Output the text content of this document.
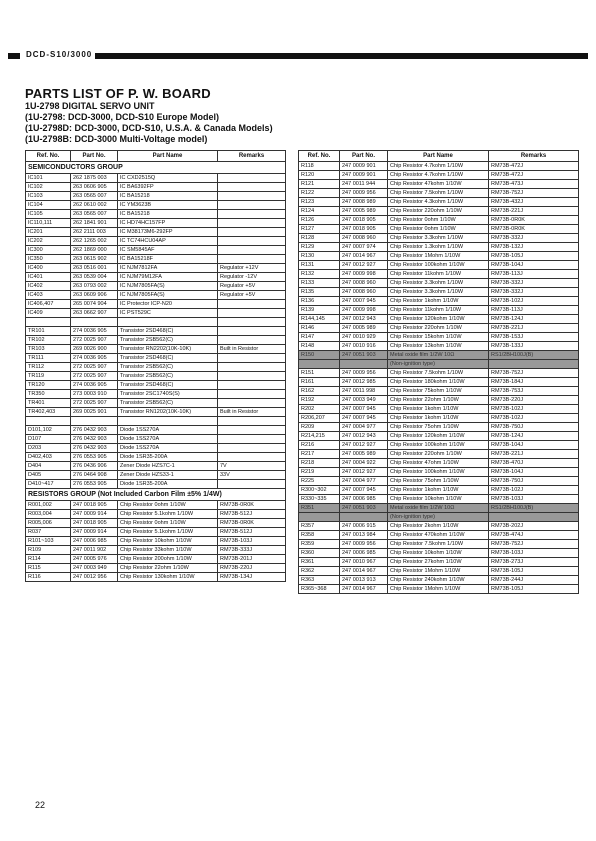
DCD-S10/3000
PARTS LIST OF P. W. BOARD
1U-2798 DIGITAL SERVO UNIT
(1U-2798: DCD-3000, DCD-S10 Europe Model)
(1U-2798D: DCD-3000, DCD-S10, U.S.A. & Canada Models)
(1U-2798B: DCD-3000 Multi-Voltage model)
Ref. No.	Part No.	Part Name	Remarks
SEMICONDUCTORS GROUP			
IC101	262 1875 003	IC CXD2515Q	
IC102	263 0606 905	IC BA6392FP	
IC103	263 0565 007	IC BA15218	
IC104	262 0610 002	IC YM3623B	
IC105	263 0565 007	IC BA15218	
IC110,111	262 1841 901	IC HD74HC157FP	
IC201	262 2111 003	IC M38173M6-292FP	
IC202	262 1265 002	IC TC74HCU04AP	
IC300	262 1869 000	IC SM5845AF	
IC350	263 0615 902	IC BA15218F	
IC400	263 0516 001	IC NJM7812FA	Regulator +12V
IC401	263 0539 004	IC NJM79M12FA	Regulator -12V
IC402	263 0793 002	IC NJM7805FA(S)	Regulator +5V
IC403	263 0609 906	IC NJM7805FA(S)	Regulator +5V
IC406,407	265 0074 904	IC Protector ICP-N20	
IC409	263 0662 907	IC PST529C	

TR101	274 0036 905	Transistor 2SD468(C)	
TR102	272 0025 907	Transistor 2SB562(C)	
TR103	269 0026 900	Transistor RN2202(10K-10K)	Built in Resistor
TR111	274 0036 905	Transistor 2SD468(C)	
TR112	272 0025 907	Transistor 2SB562(C)	
TR119	272 0025 907	Transistor 2SB562(C)	
TR120	274 0036 905	Transistor 2SD468(C)	
TR350	273 0003 910	Transistor 2SC1740S(S)	
TR401	272 0025 907	Transistor 2SB562(C)	
TR402,403	269 0025 901	Transistor RN1202(10K-10K)	Built in Resistor

D101,102	276 0432 903	Diode 1SS270A	
D107	276 0432 903	Diode 1SS270A	
D203	276 0432 903	Diode 1SS270A	
D402,403	276 0553 905	Diode 1SR35-200A	
D404	276 0436 906	Zener Diode HZS7C-1	7V
D405	276 0464 908	Zener Diode HZS33-1	33V
D410~417	276 0553 905	Diode 1SR35-200A	
RESISTORS GROUP (Not Included Carbon Film ±5% 1/4W)			
R001,002	247 0018 905	Chip Resistor 0ohm 1/10W	RM73B-0R0K
R003,004	247 0009 914	Chip Resistor 5.1kohm 1/10W	RM73B-512J
R005,006	247 0018 905	Chip Resistor 0ohm 1/10W	RM73B-0R0K
R037	247 0009 914	Chip Resistor 5.1kohm 1/10W	RM73B-512J
R101~103	247 0006 985	Chip Resistor 10kohm 1/10W	RM73B-103J
R109	247 0011 902	Chip Resistor 33kohm 1/10W	RM73B-333J
R114	247 0005 976	Chip Resistor 200ohm 1/10W	RM73B-201J
R115	247 0003 949	Chip Resistor 22ohm 1/10W	RM73B-220J
R116	247 0012 956	Chip Resistor 130kohm 1/10W	RM73B-134J
Ref. No.	Part No.	Part Name	Remarks
R118	247 0009 901	Chip Resistor 4.7kohm 1/10W	RM73B-472J
R120	247 0009 901	Chip Resistor 4.7kohm 1/10W	RM73B-472J
R121	247 0011 944	Chip Resistor 47kohm 1/10W	RM73B-473J
R122	247 0009 956	Chip Resistor 7.5kohm 1/10W	RM73B-752J
R123	247 0008 989	Chip Resistor 4.3kohm 1/10W	RM73B-432J
R124	247 0005 989	Chip Resistor 220ohm 1/10W	RM73B-221J
R126	247 0018 905	Chip Resistor 0ohm 1/10W	RM73B-0R0K
R127	247 0018 905	Chip Resistor 0ohm 1/10W	RM73B-0R0K
R128	247 0008 960	Chip Resistor 3.3kohm 1/10W	RM73B-332J
R129	247 0007 974	Chip Resistor 1.3kohm 1/10W	RM73B-132J
R130	247 0014 967	Chip Resistor 1Mohm 1/10W	RM73B-105J
R131	247 0012 927	Chip Resistor 100kohm 1/10W	RM73B-104J
R132	247 0009 998	Chip Resistor 11kohm 1/10W	RM73B-113J
R133	247 0008 960	Chip Resistor 3.3kohm 1/10W	RM73B-332J
R135	247 0008 960	Chip Resistor 3.3kohm 1/10W	RM73B-332J
R136	247 0007 945	Chip Resistor 1kohm 1/10W	RM73B-102J
R139	247 0009 998	Chip Resistor 11kohm 1/10W	RM73B-113J
R144,145	247 0012 943	Chip Resistor 120kohm 1/10W	RM73B-124J
R146	247 0005 989	Chip Resistor 220ohm 1/10W	RM73B-221J
R147	247 0010 929	Chip Resistor 15kohm 1/10W	RM73B-153J
R148	247 0010 916	Chip Resistor 13kohm 1/10W	RM73B-133J
R150	247 0051 903	Metal oxide film 1/2W 10Ω	RS1/2BH100J(B)
		(Non-ignition type)	
R151	247 0009 956	Chip Resistor 7.5kohm 1/10W	RM73B-752J
R161	247 0012 985	Chip Resistor 180kohm 1/10W	RM73B-184J
R162	247 0011 998	Chip Resistor 75kohm 1/10W	RM73B-753J
R192	247 0003 949	Chip Resistor 22ohm 1/10W	RM73B-220J
R202	247 0007 945	Chip Resistor 1kohm 1/10W	RM73B-102J
R206,207	247 0007 945	Chip Resistor 1kohm 1/10W	RM73B-102J
R209	247 0004 977	Chip Resistor 75ohm 1/10W	RM73B-750J
R214,215	247 0012 943	Chip Resistor 120kohm 1/10W	RM73B-124J
R216	247 0012 927	Chip Resistor 100kohm 1/10W	RM73B-104J
R217	247 0005 989	Chip Resistor 220ohm 1/10W	RM73B-221J
R218	247 0004 922	Chip Resistor 47ohm 1/10W	RM73B-470J
R219	247 0012 927	Chip Resistor 100kohm 1/10W	RM73B-104J
R225	247 0004 977	Chip Resistor 75ohm 1/10W	RM73B-750J
R300~302	247 0007 945	Chip Resistor 1kohm 1/10W	RM73B-102J
R330~335	247 0006 985	Chip Resistor 10kohm 1/10W	RM73B-103J
R351	247 0051 903	Metal oxide film 1/2W 10Ω	RS1/2BH100J(B)
		(Non-ignition type)	
R357	247 0006 915	Chip Resistor 2kohm 1/10W	RM73B-202J
R358	247 0013 984	Chip Resistor 470kohm 1/10W	RM73B-474J
R359	247 0009 956	Chip Resistor 7.5kohm 1/10W	RM73B-752J
R360	247 0006 985	Chip Resistor 10kohm 1/10W	RM73B-103J
R361	247 0010 967	Chip Resistor 27kohm 1/10W	RM73B-273J
R362	247 0014 967	Chip Resistor 1Mohm 1/10W	RM73B-105J
R363	247 0013 913	Chip Resistor 240kohm 1/10W	RM73B-244J
R365~368	247 0014 967	Chip Resistor 1Mohm 1/10W	RM73B-105J
22
